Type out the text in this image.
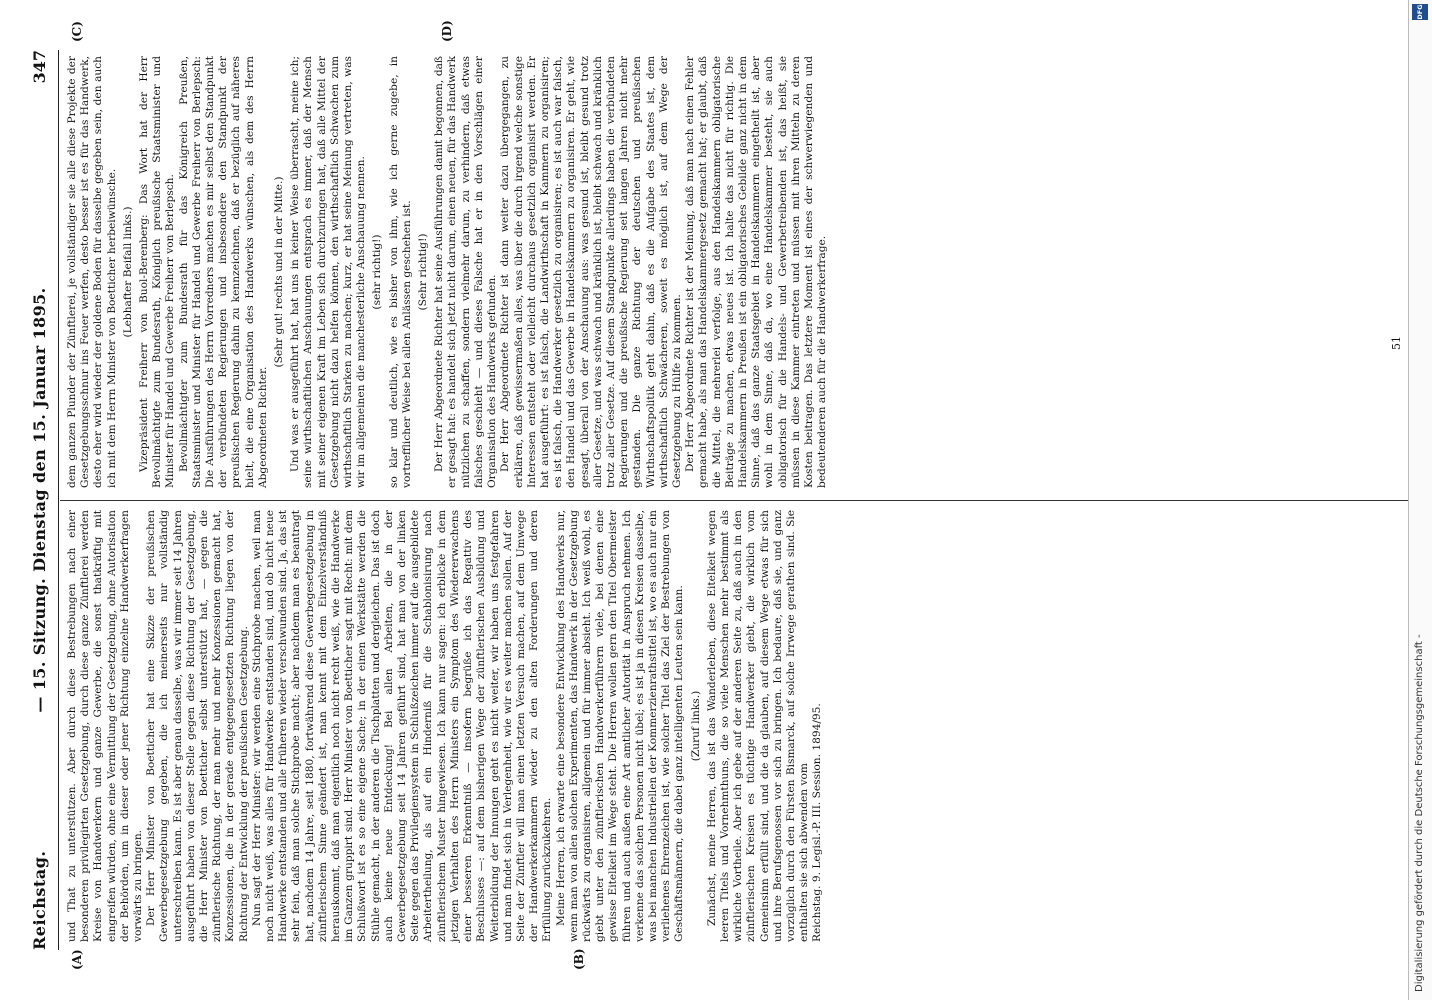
Reichstag.
— 15. Sitzung. Dienstag den 15. Januar 1895.
347
(A)	(B)
(C)	(D)

und That zu unterstützen. Aber durch diese Bestrebungen nach einer besonderen privilegirten Gesetzgebung, durch diese ganze Zünftlerei werden Kreise von Handwerkern und ganze Gewerbe, die sonst thatkräftig mit eingreifen würden, ohne eine Vermittlung der Gesetzgebung, ohne Autorisation der Behörden, um in dieser oder jener Richtung einzelne Handwerkerfragen vorwärts zu bringen. Der Herr Minister von Boetticher hat eine Skizze der preußischen Gewerbegesetzgebung gegeben, die ich meinerseits nur vollständig unterschreiben kann. Es ist aber genau dasselbe, was wir immer seit 14 Jahren ausgeführt haben von dieser Stelle gegen diese Richtung der Gesetzgebung, die Herr Minister von Boetticher selbst unterstützt hat, — gegen die zünftlerische Richtung, der man mehr und mehr Konzessionen gemacht hat, Konzessionen, die in der gerade entgegengesetzten Richtung liegen von der Richtung der Entwicklung der preußischen Gesetzgebung. Nun sagt der Herr Minister: wir werden eine Stichprobe machen, weil man noch nicht weiß, was alles für Handwerke entstanden sind, und ob nicht neue Handwerke entstanden und alle früheren wieder verschwunden sind. Ja, das ist sehr fein, daß man solche Stichprobe macht; aber nachdem man es beantragt hat, nachdem 14 Jahre, seit 1880, fortwährend diese Gewerbegesetzgebung in zünftlerischem Sinne geändert ist, man kennt mit dem Einzelverständniß herauskommt, daß man eigentlich noch nicht recht weiß, wie die Handwerke im Ganzen gruppirt sind. Herr Minister von Boetticher sagt mit Recht: mit dem Schlußwort ist es so eine eigene Sache; in der einen Werkstätte werden die Stühle gemacht, in der anderen die Tischplatten und dergleichen. Das ist doch auch keine neue Entdeckung! Bei allen Arbeiten, die in der Gewerbegesetzgebung seit 14 Jahren geführt sind, hat man von der linken Seite gegen das Privilegiensystem in Schlußzeichen immer auf die ausgebildete Arbeitertheilung, als auf ein Hinderniß für die Schablonisirung nach zünftlerischem Muster hingewiesen. Ich kann nur sagen: ich erblicke in dem jetzigen Verhalten des Herrn Ministers ein Symptom des Wiedererwachens einer besseren Erkenntniß — insofern begrüße ich das Regattiv des Beschlusses —: auf dem bisherigen Wege der zünftlerischen Ausbildung und Weiterbildung der Innungen geht es nicht weiter, wir haben uns festgefahren und man findet sich in Verlegenheit, wie wir es weiter machen sollen. Auf der Seite der Zünftler will man einen letzten Versuch machen, auf dem Umwege der Handwerkerkammern wieder zu den alten Forderungen und deren Erfüllung zurückzukehren. Meine Herren, ich erwarte eine besondere Entwicklung des Handwerks nur, wenn man von allen solchen Experimenten, das Handwerk in der Gesetzgebung rückwärts zu organisiren, allgemein und für immer absieht. Ich weiß wohl, es giebt unter den zünftlerischen Handwerkerführern viele, bei denen eine gewisse Eitelkeit im Wege steht. Die Herren wollen gern den Titel Obermeister führen und auch außen eine Art amtlicher Autorität in Anspruch nehmen. Ich verkenne das solchen Personen nicht übel; es ist ja in diesen Kreisen dasselbe, was bei manchen Industriellen der Kommerzienrathstitel ist, wo es auch nur ein verliehenes Ehrenzeichen ist, wie solcher Titel das Ziel der Bestrebungen von Geschäftsmännern, die dabei ganz intelligenten Leuten sein kann. (Zuruf links.) Zunächst, meine Herren, das ist das Wanderleben, diese Eitelkeit wegen leeren Titels und Vornehmthuns, die so viele Menschen mehr bestimmt als wirkliche Vortheile. Aber ich gebe auf der anderen Seite zu, daß auch in den zünftlerischen Kreisen es tüchtige Handwerker giebt, die wirklich vom Gemeinsinn erfüllt sind, und die da glauben, auf diesem Wege etwas für sich und ihre Berufsgenossen vor sich zu bringen. Ich bedaure, daß sie, und ganz vorzüglich durch den Fürsten Bismarck, auf solche Irrwege gerathen sind. Sie enthalten sie sich abwenden vom Reichstag. 9. Legisl.-P. III. Session. 1894/95.

dem ganzen Plunder der Zünftlerei, je vollständiger sie alle diese Projekte der Gesetzgebungsschnur ins Feuer werfen, desto besser ist es für das Handwerk, desto eher wird wieder der goldene Boden für dasselbe gegeben sein, den auch ich mit dem Herrn Minister von Boetticher herbeiwünsche. (Lebhafter Beifall links.) Vizepräsident Freiherr von Buol-Berenberg: Das Wort hat der Herr Bevollmächtigte zum Bundesrath, Königlich preußische Staatsminister und Minister für Handel und Gewerbe Freiherr von Berlepsch. Bevollmächtigter zum Bundesrath für das Königreich Preußen, Staatsminister und Minister für Handel und Gewerbe Freiherr von Berlepsch: Die Ausführungen des Herrn Vorredners machen es mir selbst den Standpunkt der verbündeten Regierungen und insbesondere den Standpunkt der preußischen Regierung dahin zu kennzeichnen, daß er bezüglich auf näheres hielt, die eine Organisation des Handwerks wünschen, als dem des Herrn Abgeordneten Richter.

(Sehr gut! rechts und in der Mitte.) Und was er ausgeführt hat, hat uns in keiner Weise überrascht, meine ich; seine wirthschaftlichen Anschauungen entsprach es immer, daß der Mensch mit seiner eigenen Kraft im Leben sich durchzuringen hat, daß alle Mittel der Gesetzgebung nicht dazu helfen können, den wirthschaftlich Schwachen zum wirthschaftlich Starken zu machen; kurz, er hat seine Meinung vertreten, was wir im allgemeinen die manchesterliche Anschauung nennen. (sehr richtig!) so klar und deutlich, wie es bisher von ihm, wie ich gerne zugebe, in vortrefflicher Weise bei allen Anlässen geschehen ist. (Sehr richtig!) Der Herr Abgeordnete Richter hat seine Ausführungen damit begonnen, daß er gesagt hat: es handelt sich jetzt nicht darum, einen neuen, für das Handwerk nützlichen zu schaffen, sondern vielmehr darum, zu verhindern, daß etwas falsches geschieht — und dieses Falsche hat er in den Vorschlägen einer Organisation des Handwerks gefunden. Der Herr Abgeordnete Richter ist dann weiter dazu übergegangen, zu erklären, daß gewissermaßen alles, was über die durch irgend welche sonstige Interessen entsteht oder vielleicht durchaus gesetzlich organisirt werden. Er hat ausgeführt: es ist falsch, die Landwirthschaft in Kammern zu organisiren; es ist falsch, die Handwerker gesetzlich zu organisiren; es ist auch war falsch, den Handel und das Gewerbe in Handelskammern zu organisiren. Er geht, wie gesagt, überall von der Anschauung aus: was gesund ist, bleibt gesund trotz aller Gesetze, und was schwach und kränklich ist, bleibt schwach und kränklich trotz aller Gesetze. Auf diesem Standpunkte allerdings haben die verbündeten Regierungen und die preußische Regierung seit langen Jahren nicht mehr gestanden. Die ganze Richtung der deutschen und preußischen Wirthschaftspolitik geht dahin, daß es die Aufgabe des Staates ist, dem wirthschaftlich Schwächeren, soweit es möglich ist, auf dem Wege der Gesetzgebung zu Hülfe zu kommen. Der Herr Abgeordnete Richter ist der Meinung, daß man nach einen Fehler gemacht habe, als man das Handelskammergesetz gemacht hat; er glaubt, daß die Mittel, die mehrerlei verfolge, aus den Handelskammern obligatorische Beiträge zu machen, etwas neues ist. Ich halte das nicht für richtig. Die Handelskammern in Preußen ist ein obligatorisches Gebilde ganz nicht in dem Sinne, daß das ganze Staatsgebiet in Handelskammern eingetheilt ist, aber wohl in dem Sinne, daß da, wo eine Handelskammer besteht, sie auch obligatorisch für die Handels- und Gewerbetreibenden ist, das heißt, sie müssen in diese Kammer eintreten und müssen mit ihren Mitteln zu deren Kosten beitragen. Das letztere Moment ist eines der schwerwiegenden und bedeutenderen auch für die Handwerkerfrage.	51
Digitalisierung gefördert durch die Deutsche Forschungsgemeinschaft -
DFG
